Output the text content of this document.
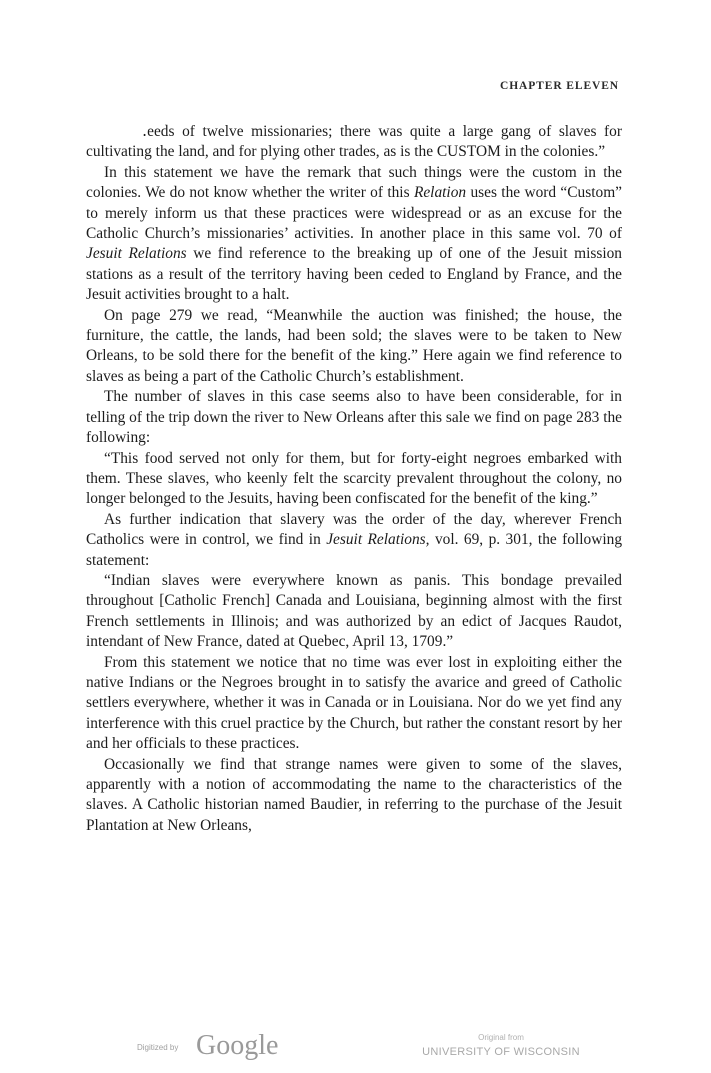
CHAPTER ELEVEN

․eeds of twelve missionaries; there was quite a large gang of slaves for cultivating the land, and for plying other trades, as is the CUSTOM in the colonies.”

In this statement we have the remark that such things were the custom in the colonies. We do not know whether the writer of this Relation uses the word “Custom” to merely inform us that these practices were widespread or as an excuse for the Catholic Church’s missionaries’ activities. In another place in this same vol. 70 of Jesuit Relations we find reference to the breaking up of one of the Jesuit mission stations as a result of the territory having been ceded to England by France, and the Jesuit activities brought to a halt.

On page 279 we read, “Meanwhile the auction was finished; the house, the furniture, the cattle, the lands, had been sold; the slaves were to be taken to New Orleans, to be sold there for the benefit of the king.” Here again we find reference to slaves as being a part of the Catholic Church’s establishment.

The number of slaves in this case seems also to have been considerable, for in telling of the trip down the river to New Orleans after this sale we find on page 283 the following:

“This food served not only for them, but for forty-eight negroes embarked with them. These slaves, who keenly felt the scarcity prevalent throughout the colony, no longer belonged to the Jesuits, having been confiscated for the benefit of the king.”

As further indication that slavery was the order of the day, wherever French Catholics were in control, we find in Jesuit Relations, vol. 69, p. 301, the following statement:

“Indian slaves were everywhere known as panis. This bondage prevailed throughout [Catholic French] Canada and Louisiana, beginning almost with the first French settlements in Illinois; and was authorized by an edict of Jacques Raudot, intendant of New France, dated at Quebec, April 13, 1709.”

From this statement we notice that no time was ever lost in exploiting either the native Indians or the Negroes brought in to satisfy the avarice and greed of Catholic settlers everywhere, whether it was in Canada or in Louisiana. Nor do we yet find any interference with this cruel practice by the Church, but rather the constant resort by her and her officials to these practices.

Occasionally we find that strange names were given to some of the slaves, apparently with a notion of accommodating the name to the characteristics of the slaves. A Catholic historian named Baudier, in referring to the purchase of the Jesuit Plantation at New Orleans,

Digitized by Google	Original from
UNIVERSITY OF WISCONSIN
